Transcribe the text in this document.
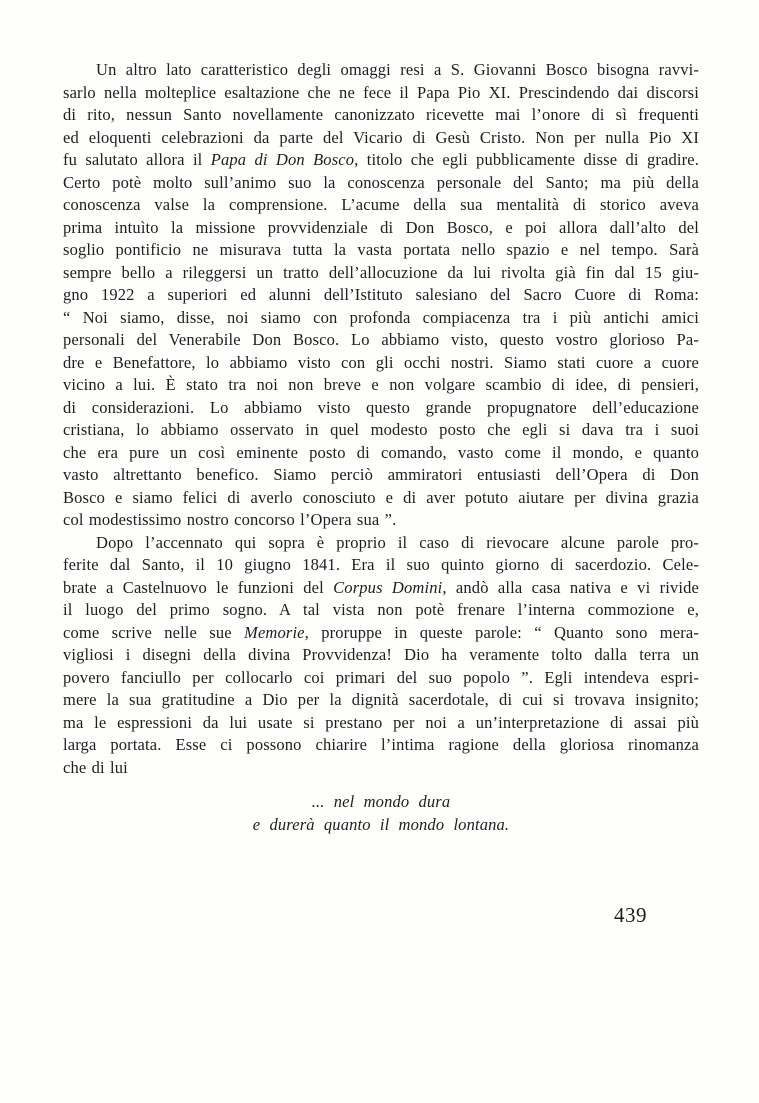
Un altro lato caratteristico degli omaggi resi a S. Giovanni Bosco bisogna ravvi-
sarlo nella molteplice esaltazione che ne fece il Papa Pio XI. Prescindendo dai discorsi
di rito, nessun Santo novellamente canonizzato ricevette mai l’onore di sì frequenti
ed eloquenti celebrazioni da parte del Vicario di Gesù Cristo. Non per nulla Pio XI
fu salutato allora il Papa di Don Bosco, titolo che egli pubblicamente disse di gradire.
Certo potè molto sull’animo suo la conoscenza personale del Santo; ma più della
conoscenza valse la comprensione. L’acume della sua mentalità di storico aveva
prima intuìto la missione provvidenziale di Don Bosco, e poi allora dall’alto del
soglio pontificio ne misurava tutta la vasta portata nello spazio e nel tempo. Sarà
sempre bello a rileggersi un tratto dell’allocuzione da lui rivolta già fin dal 15 giu-
gno 1922 a superiori ed alunni dell’Istituto salesiano del Sacro Cuore di Roma:
“ Noi siamo, disse, noi siamo con profonda compiacenza tra i più antichi amici
personali del Venerabile Don Bosco. Lo abbiamo visto, questo vostro glorioso Pa-
dre e Benefattore, lo abbiamo visto con gli occhi nostri. Siamo stati cuore a cuore
vicino a lui. È stato tra noi non breve e non volgare scambio di idee, di pensieri,
di considerazioni. Lo abbiamo visto questo grande propugnatore dell’educazione
cristiana, lo abbiamo osservato in quel modesto posto che egli si dava tra i suoi
che era pure un così eminente posto di comando, vasto come il mondo, e quanto
vasto altrettanto benefico. Siamo perciò ammiratori entusiasti dell’Opera di Don
Bosco e siamo felici di averlo conosciuto e di aver potuto aiutare per divina grazia
col modestissimo nostro concorso l’Opera sua ”.
Dopo l’accennato qui sopra è proprio il caso di rievocare alcune parole pro-
ferite dal Santo, il 10 giugno 1841. Era il suo quinto giorno di sacerdozio. Cele-
brate a Castelnuovo le funzioni del Corpus Domini, andò alla casa nativa e vi rivide
il luogo del primo sogno. A tal vista non potè frenare l’interna commozione e,
come scrive nelle sue Memorie, proruppe in queste parole: “ Quanto sono mera-
vigliosi i disegni della divina Provvidenza! Dio ha veramente tolto dalla terra un
povero fanciullo per collocarlo coi primari del suo popolo ”. Egli intendeva espri-
mere la sua gratitudine a Dio per la dignità sacerdotale, di cui si trovava insignito;
ma le espressioni da lui usate si prestano per noi a un’interpretazione di assai più
larga portata. Esse ci possono chiarire l’intima ragione della gloriosa rinomanza
che di lui
... nel mondo dura
e durerà quanto il mondo lontana.
439
